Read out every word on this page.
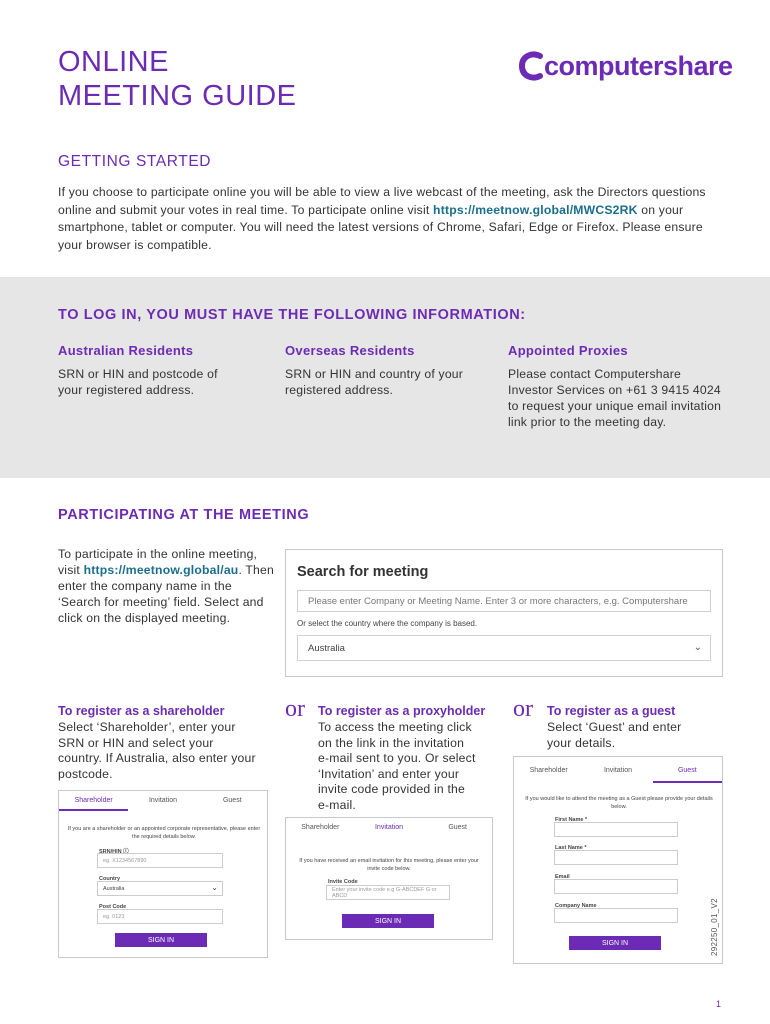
ONLINE
MEETING GUIDE
computershare
GETTING STARTED
If you choose to participate online you will be able to view a live webcast of the meeting, ask the Directors questions online and submit your votes in real time. To participate online visit https://meetnow.global/MWCS2RK on your smartphone, tablet or computer. You will need the latest versions of Chrome, Safari, Edge or Firefox. Please ensure your browser is compatible.
TO LOG IN, YOU MUST HAVE THE FOLLOWING INFORMATION:
Australian Residents
SRN or HIN and postcode of your registered address.
Overseas Residents
SRN or HIN and country of your registered address.
Appointed Proxies
Please contact Computershare Investor Services on +61 3 9415 4024 to request your unique email invitation link prior to the meeting day.
PARTICIPATING AT THE MEETING
To participate in the online meeting, visit https://meetnow.global/au. Then enter the company name in the ‘Search for meeting’ field. Select and click on the displayed meeting.
Search for meeting
Please enter Company or Meeting Name. Enter 3 or more characters, e.g. Computershare
Or select the country where the company is based.
Australia	⌄
To register as a shareholder
Select ‘Shareholder’, enter your SRN or HIN and select your country. If Australia, also enter your postcode.
Shareholder	Invitation	Guest
If you are a shareholder or an appointed corporate representative, please enter the required details below.
SRN/HIN ⓘ
eg. X1234567890
Country
Australia	⌄
Post Code
eg. 0123
SIGN IN
or To register as a proxyholder
To access the meeting click on the link in the invitation e-mail sent to you. Or select ‘Invitation’ and enter your invite code provided in the e-mail.
Shareholder	Invitation	Guest
If you have received an email invitation for this meeting, please enter your invite code below.
Invite Code
Enter your invite code e.g G-ABCDEF G or ABCD
SIGN IN
or To register as a guest
Select ‘Guest’ and enter your details.
Shareholder	Invitation	Guest
If you would like to attend the meeting as a Guest please provide your details below.
First Name *
Last Name *
Email
Company Name
SIGN IN	292250_01_V2
1
